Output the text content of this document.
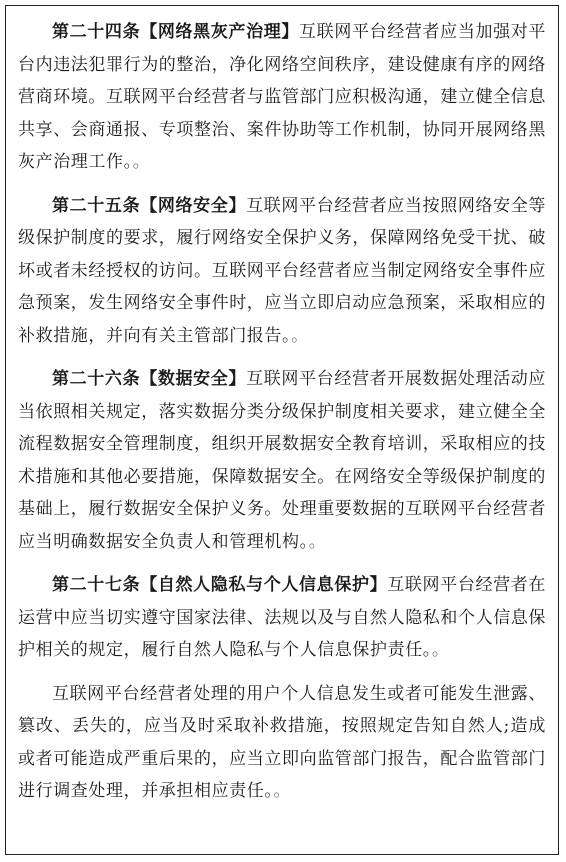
第二十四条【网络黑灰产治理】互联网平台经营者应当加强对平台内违法犯罪行为的整治，净化网络空间秩序，建设健康有序的网络营商环境。互联网平台经营者与监管部门应积极沟通，建立健全信息共享、会商通报、专项整治、案件协助等工作机制，协同开展网络黑灰产治理工作。。

第二十五条【网络安全】互联网平台经营者应当按照网络安全等级保护制度的要求，履行网络安全保护义务，保障网络免受干扰、破坏或者未经授权的访问。互联网平台经营者应当制定网络安全事件应急预案，发生网络安全事件时，应当立即启动应急预案，采取相应的补救措施，并向有关主管部门报告。。

第二十六条【数据安全】互联网平台经营者开展数据处理活动应当依照相关规定，落实数据分类分级保护制度相关要求，建立健全全流程数据安全管理制度，组织开展数据安全教育培训，采取相应的技术措施和其他必要措施，保障数据安全。在网络安全等级保护制度的基础上，履行数据安全保护义务。处理重要数据的互联网平台经营者应当明确数据安全负责人和管理机构。。

第二十七条【自然人隐私与个人信息保护】互联网平台经营者在运营中应当切实遵守国家法律、法规以及与自然人隐私和个人信息保护相关的规定，履行自然人隐私与个人信息保护责任。。

互联网平台经营者处理的用户个人信息发生或者可能发生泄露、篡改、丢失的，应当及时采取补救措施，按照规定告知自然人;造成或者可能造成严重后果的，应当立即向监管部门报告，配合监管部门进行调查处理，并承担相应责任。。
